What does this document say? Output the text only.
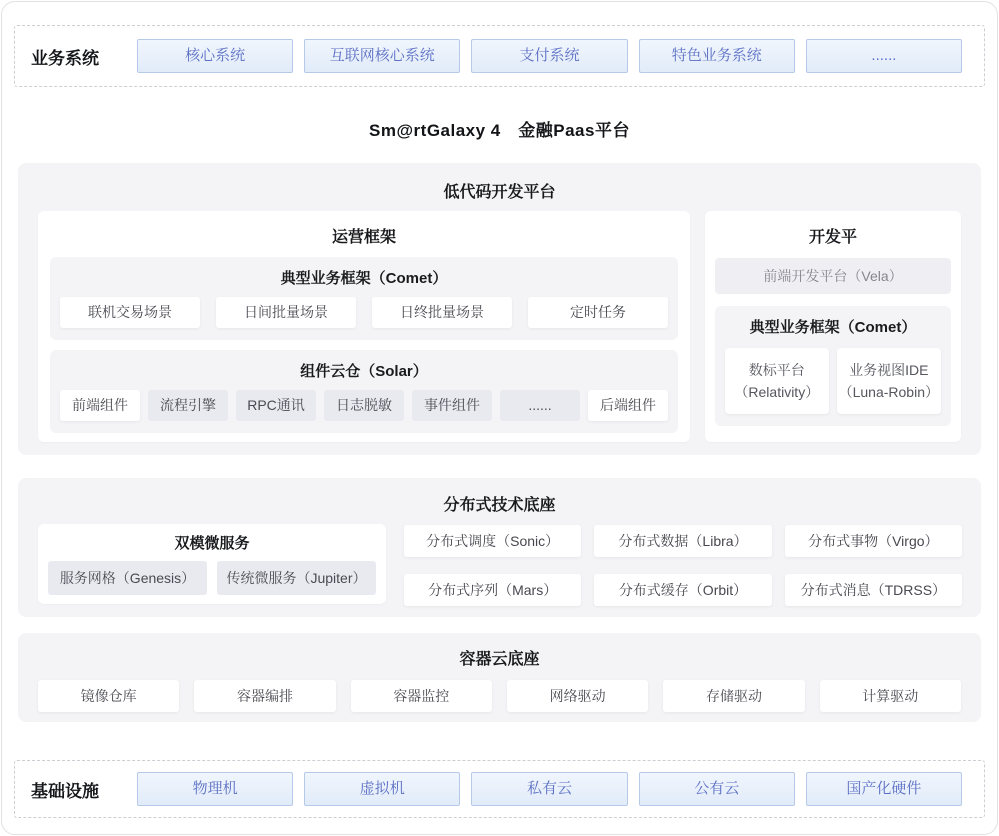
业务系统	核心系统	互联网核心系统	支付系统	特色业务系统	......
Sm@rtGalaxy 4　金融Paas平台
低代码开发平台
运营框架
典型业务框架（Comet）
联机交易场景	日间批量场景	日终批量场景	定时任务
组件云仓（Solar）
前端组件	流程引擎	RPC通讯	日志脱敏	事件组件	......	后端组件
开发平
前端开发平台（Vela）
典型业务框架（Comet）
数标平台
（Relativity）
业务视图IDE
（Luna-Robin）
分布式技术底座
双模微服务
服务网格（Genesis）	传统微服务（Jupiter）
分布式调度（Sonic）	分布式数据（Libra）	分布式事物（Virgo）
分布式序列（Mars）	分布式缓存（Orbit）	分布式消息（TDRSS）
容器云底座
镜像仓库	容器编排	容器监控	网络驱动	存储驱动	计算驱动
基础设施	物理机	虚拟机	私有云	公有云	国产化硬件
